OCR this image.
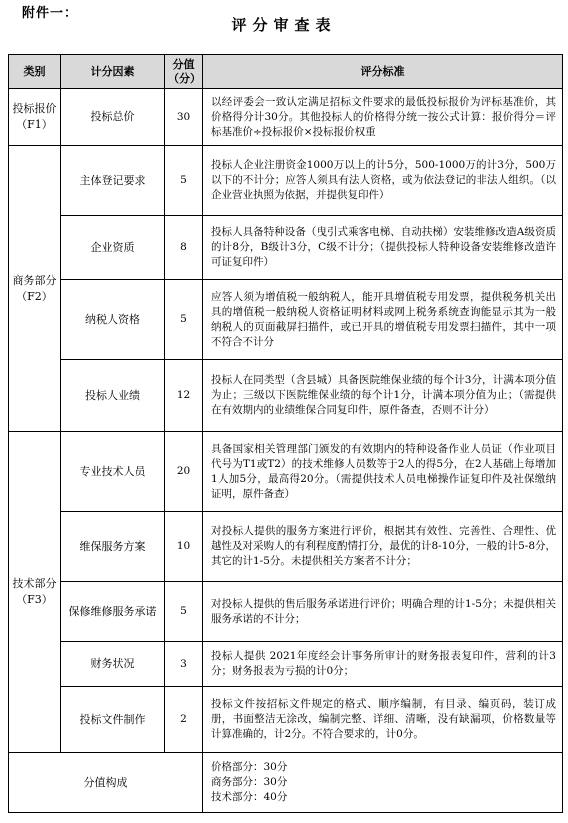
附件一：
评分审查表
类别	计分因素	分值（分）	评分标准
投标报价（F1）	投标总价	30	以经评委会一致认定满足招标文件要求的最低投标报价为评标基准价，其价格得分计30分。其他投标人的价格得分统一按公式计算：报价得分＝评标基准价÷投标报价×投标报价权重
商务部分（F2）	主体登记要求	5	投标人企业注册资金1000万以上的计5分，500-1000万的计3分，500万以下的不计分；应答人须具有法人资格，或为依法登记的非法人组织。（以企业营业执照为依据，并提供复印件）
	企业资质	8	投标人具备特种设备（曳引式乘客电梯、自动扶梯）安装维修改造A级资质的计8分，B级计3分，C级不计分；（提供投标人特种设备安装维修改造许可证复印件）
	纳税人资格	5	应答人须为增值税一般纳税人，能开具增值税专用发票，提供税务机关出具的增值税一般纳税人资格证明材料或网上税务系统查询能显示其为一般纳税人的页面截屏扫描件，或已开具的增值税专用发票扫描件，其中一项不符合不计分
	投标人业绩	12	投标人在同类型（含县城）具备医院维保业绩的每个计3分，计满本项分值为止；三级以下医院维保业绩的每个计1分，计满本项分值为止；（需提供在有效期内的业绩维保合同复印件，原件备查，否则不计分）
技术部分（F3）	专业技术人员	20	具备国家相关管理部门颁发的有效期内的特种设备作业人员证（作业项目代号为T1或T2）的技术维修人员数等于2人的得5分，在2人基础上每增加1人加5分，最高得20分。（需提供技术人员电梯操作证复印件及社保缴纳证明，原件备查）
	维保服务方案	10	对投标人提供的服务方案进行评价，根据其有效性、完善性、合理性、优越性及对采购人的有利程度酌情打分，最优的计8-10分，一般的计5-8分，其它的计1-5分。未提供相关方案者不计分；
	保修维修服务承诺	5	对投标人提供的售后服务承诺进行评价；明确合理的计1-5分；未提供相关服务承诺的不计分；
	财务状况	3	投标人提供 2021年度经会计事务所审计的财务报表复印件，营利的计3分；财务报表为亏损的计0分；
	投标文件制作	2	投标文件按招标文件规定的格式、顺序编制，有目录、编页码，装订成册，书面整洁无涂改，编制完整、详细、清晰，没有缺漏项，价格数量等计算准确的，计2分。不符合要求的，计0分。
分值构成			价格部分：30分
商务部分：30分
技术部分：40分
